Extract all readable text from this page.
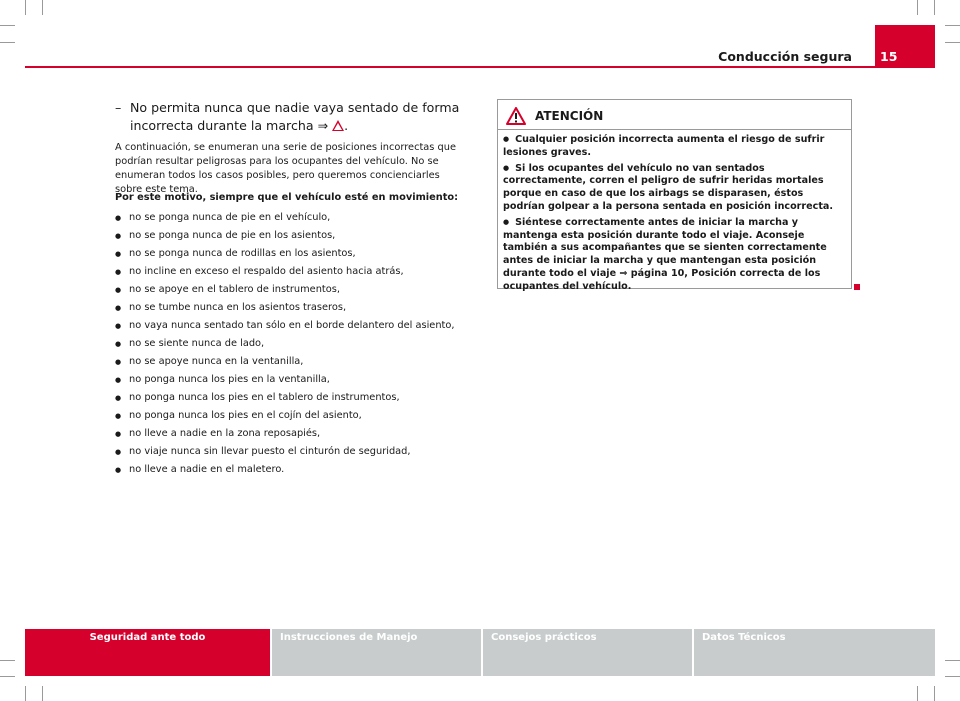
Conducción segura 15
– No permita nunca que nadie vaya sentado de forma incorrecta durante la marcha ⇒ .
A continuación, se enumeran una serie de posiciones incorrectas que podrían resultar peligrosas para los ocupantes del vehículo. No se enumeran todos los casos posibles, pero queremos concienciarles sobre este tema.
Por este motivo, siempre que el vehículo esté en movimiento:
● no se ponga nunca de pie en el vehículo,
● no se ponga nunca de pie en los asientos,
● no se ponga nunca de rodillas en los asientos,
● no incline en exceso el respaldo del asiento hacia atrás,
● no se apoye en el tablero de instrumentos,
● no se tumbe nunca en los asientos traseros,
● no vaya nunca sentado tan sólo en el borde delantero del asiento,
● no se siente nunca de lado,
● no se apoye nunca en la ventanilla,
● no ponga nunca los pies en la ventanilla,
● no ponga nunca los pies en el tablero de instrumentos,
● no ponga nunca los pies en el cojín del asiento,
● no lleve a nadie en la zona reposapiés,
● no viaje nunca sin llevar puesto el cinturón de seguridad,
● no lleve a nadie en el maletero.
ATENCIÓN
● Cualquier posición incorrecta aumenta el riesgo de sufrir lesiones graves.
● Si los ocupantes del vehículo no van sentados correctamente, corren el peligro de sufrir heridas mortales porque en caso de que los airbags se disparasen, éstos podrían golpear a la persona sentada en posición incorrecta.
● Siéntese correctamente antes de iniciar la marcha y mantenga esta posición durante todo el viaje. Aconseje también a sus acompañantes que se sienten correctamente antes de iniciar la marcha y que mantengan esta posición durante todo el viaje ⇒ página 10, Posición correcta de los ocupantes del vehículo.
Seguridad ante todo	Instrucciones de Manejo	Consejos prácticos	Datos Técnicos
